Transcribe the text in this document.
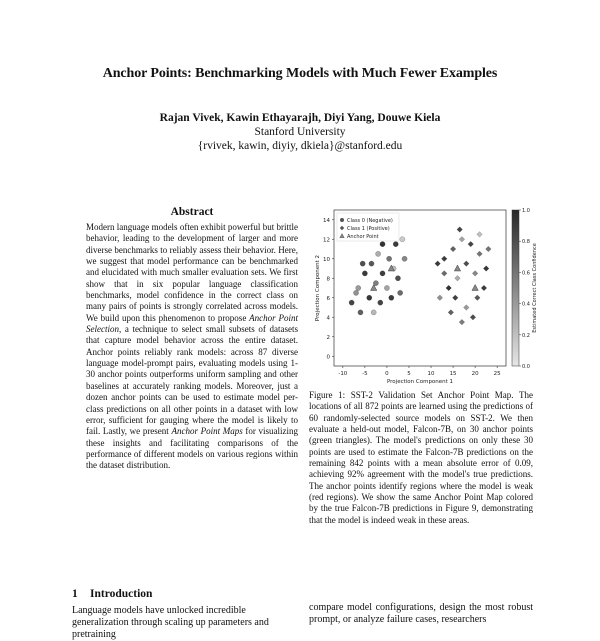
Anchor Points: Benchmarking Models with Much Fewer Examples
Rajan Vivek, Kawin Ethayarajh, Diyi Yang, Douwe Kiela
Stanford University
{rvivek, kawin, diyiy, dkiela}@stanford.edu
Abstract
Modern language models often exhibit powerful but brittle behavior, leading to the development of larger and more diverse benchmarks to reliably assess their behavior. Here, we suggest that model performance can be benchmarked and elucidated with much smaller evaluation sets. We first show that in six popular language classification benchmarks, model confidence in the correct class on many pairs of points is strongly correlated across models. We build upon this phenomenon to propose Anchor Point Selection, a technique to select small subsets of datasets that capture model behavior across the entire dataset. Anchor points reliably rank models: across 87 diverse language model-prompt pairs, evaluating models using 1-30 anchor points outperforms uniform sampling and other baselines at accurately ranking models. Moreover, just a dozen anchor points can be used to estimate model per-class predictions on all other points in a dataset with low error, sufficient for gauging where the model is likely to fail. Lastly, we present Anchor Point Maps for visualizing these insights and facilitating comparisons of the performance of different models on various regions within the dataset distribution.
-10	-5	0	5	10	15	20	25
0
2
4
6
8
10
12
14
Projection Component 1
Projection Component 2
Class 0 (Negative)
Class 1 (Positive)
Anchor Point
0.0
0.2
0.4
0.6
0.8
1.0
Estimated Correct Class Confidence
Figure 1: SST-2 Validation Set Anchor Point Map. The locations of all 872 points are learned using the predictions of 60 randomly-selected source models on SST-2. We then evaluate a held-out model, Falcon-7B, on 30 anchor points (green triangles). The model's predictions on only these 30 points are used to estimate the Falcon-7B predictions on the remaining 842 points with a mean absolute error of 0.09, achieving 92% agreement with the model's true predictions. The anchor points identify regions where the model is weak (red regions). We show the same Anchor Point Map colored by the true Falcon-7B predictions in Figure 9, demonstrating that the model is indeed weak in these areas.
1 Introduction
Language models have unlocked incredible generalization through scaling up parameters and pretraining
compare model configurations, design the most robust prompt, or analyze failure cases, researchers
